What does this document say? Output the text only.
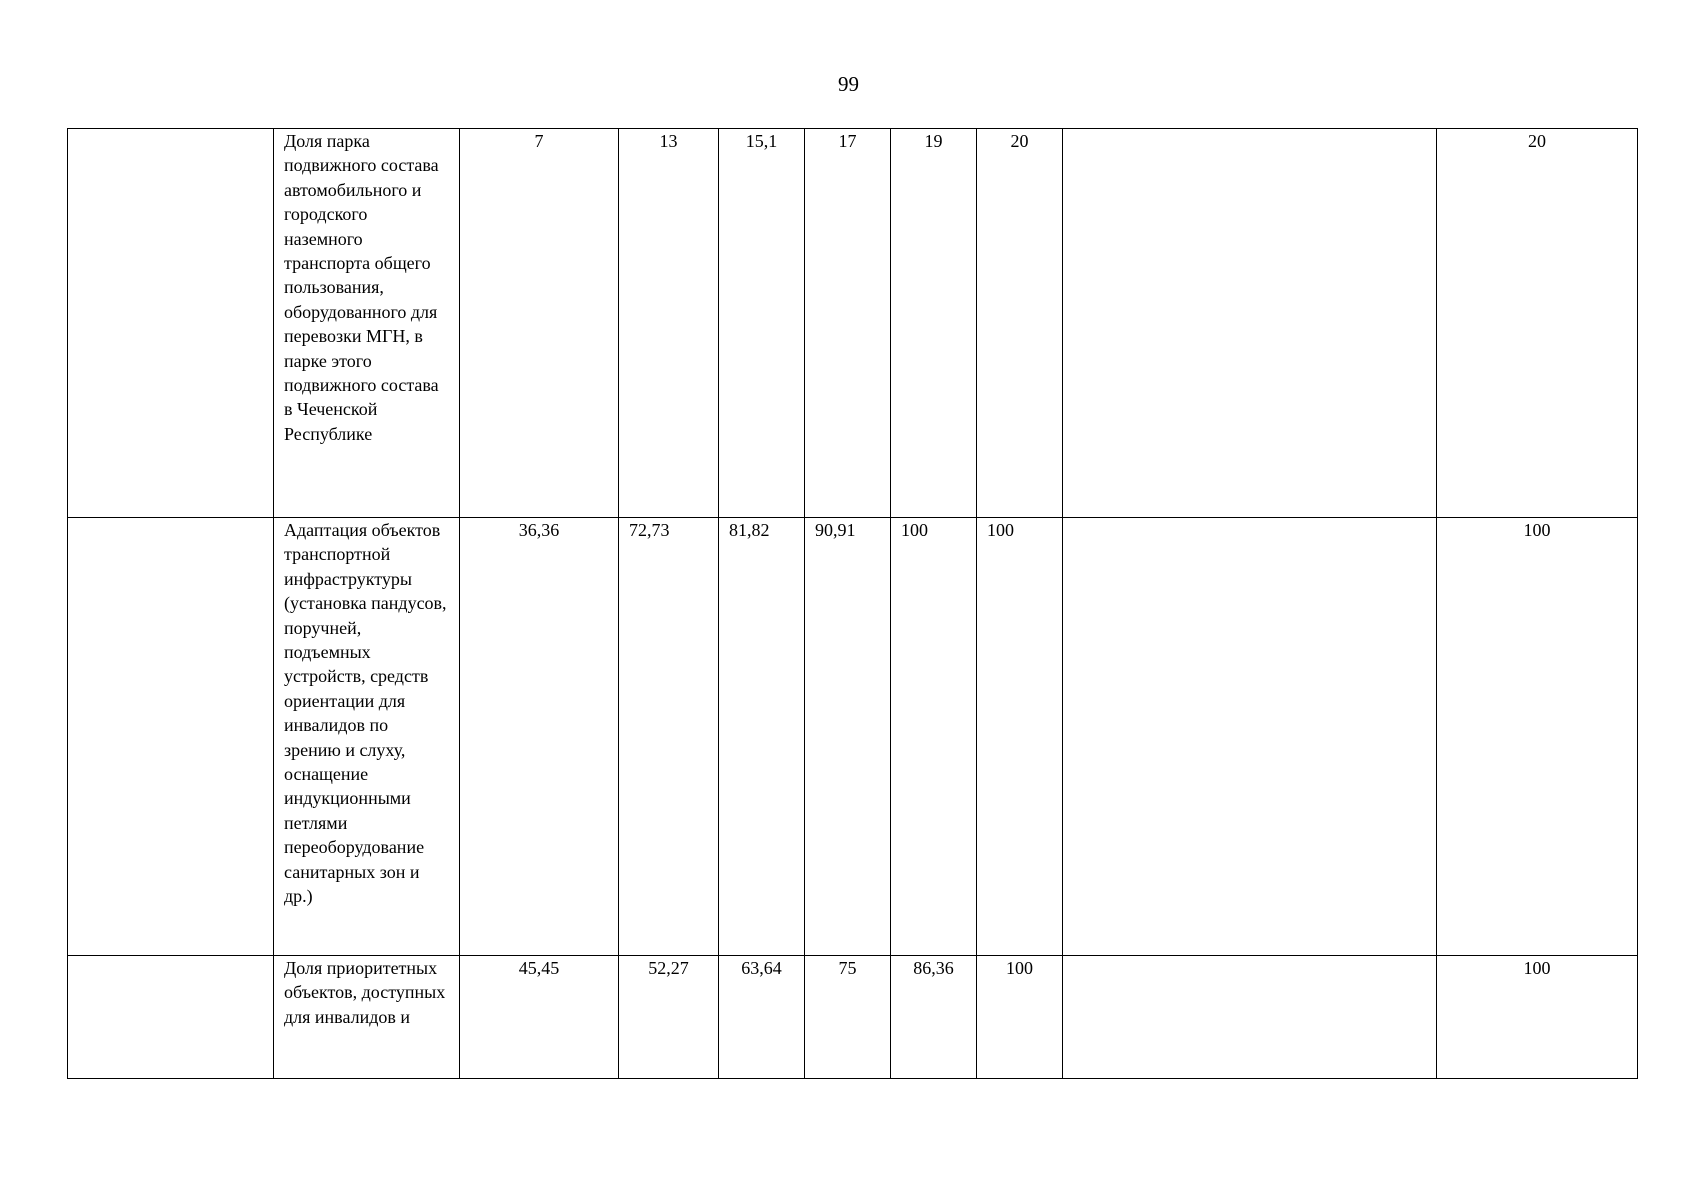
99
	Доля парка подвижного состава автомобильного и городского наземного транспорта общего пользования, оборудованного для перевозки МГН, в парке этого подвижного состава в Чеченской Республике	7	13	15,1	17	19	20		20
	Адаптация объектов транспортной инфраструктуры (установка пандусов, поручней, подъемных устройств, средств ориентации для инвалидов по зрению и слуху, оснащение индукционными петлями переоборудование санитарных зон и др.)	36,36	72,73	81,82	90,91	100	100		100
	Доля приоритетных объектов, доступных для инвалидов и	45,45	52,27	63,64	75	86,36	100		100
